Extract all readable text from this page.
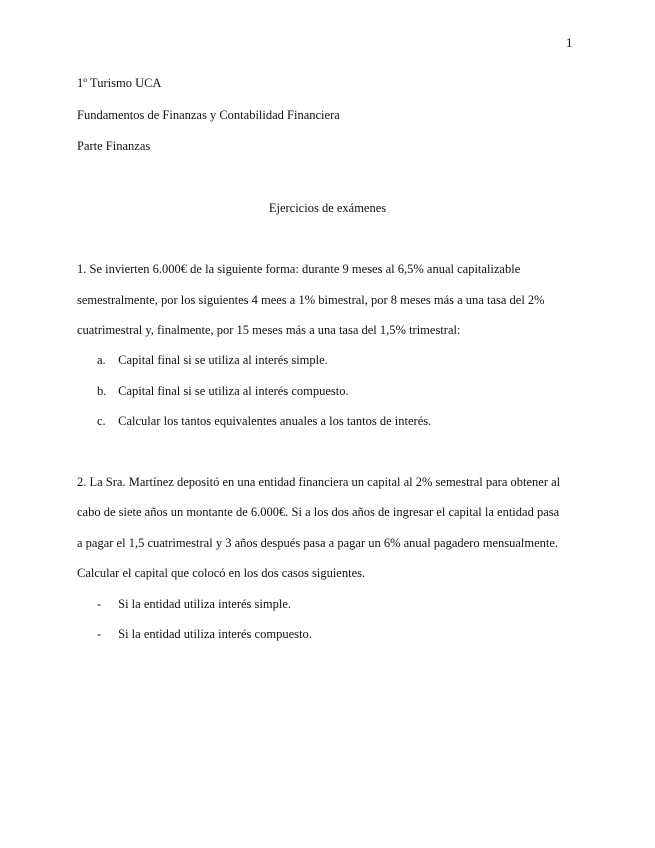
1
1º Turismo UCA
Fundamentos de Finanzas y Contabilidad Financiera
Parte Finanzas
Ejercicios de exámenes
1. Se invierten 6.000€ de la siguiente forma: durante 9 meses al 6,5% anual capitalizable
semestralmente, por los siguientes 4 mees a 1% bimestral, por 8 meses más a una tasa del 2%
cuatrimestral y, finalmente, por 15 meses más a una tasa del 1,5% trimestral:
a. Capital final si se utiliza al interés simple.
b. Capital final si se utiliza al interés compuesto.
c. Calcular los tantos equivalentes anuales a los tantos de interés.
2. La Sra. Martínez depositó en una entidad financiera un capital al 2% semestral para obtener al
cabo de siete años un montante de 6.000€. Si a los dos años de ingresar el capital la entidad pasa
a pagar el 1,5 cuatrimestral y 3 años después pasa a pagar un 6% anual pagadero mensualmente.
Calcular el capital que colocó en los dos casos siguientes.
- Si la entidad utiliza interés simple.
- Si la entidad utiliza interés compuesto.
